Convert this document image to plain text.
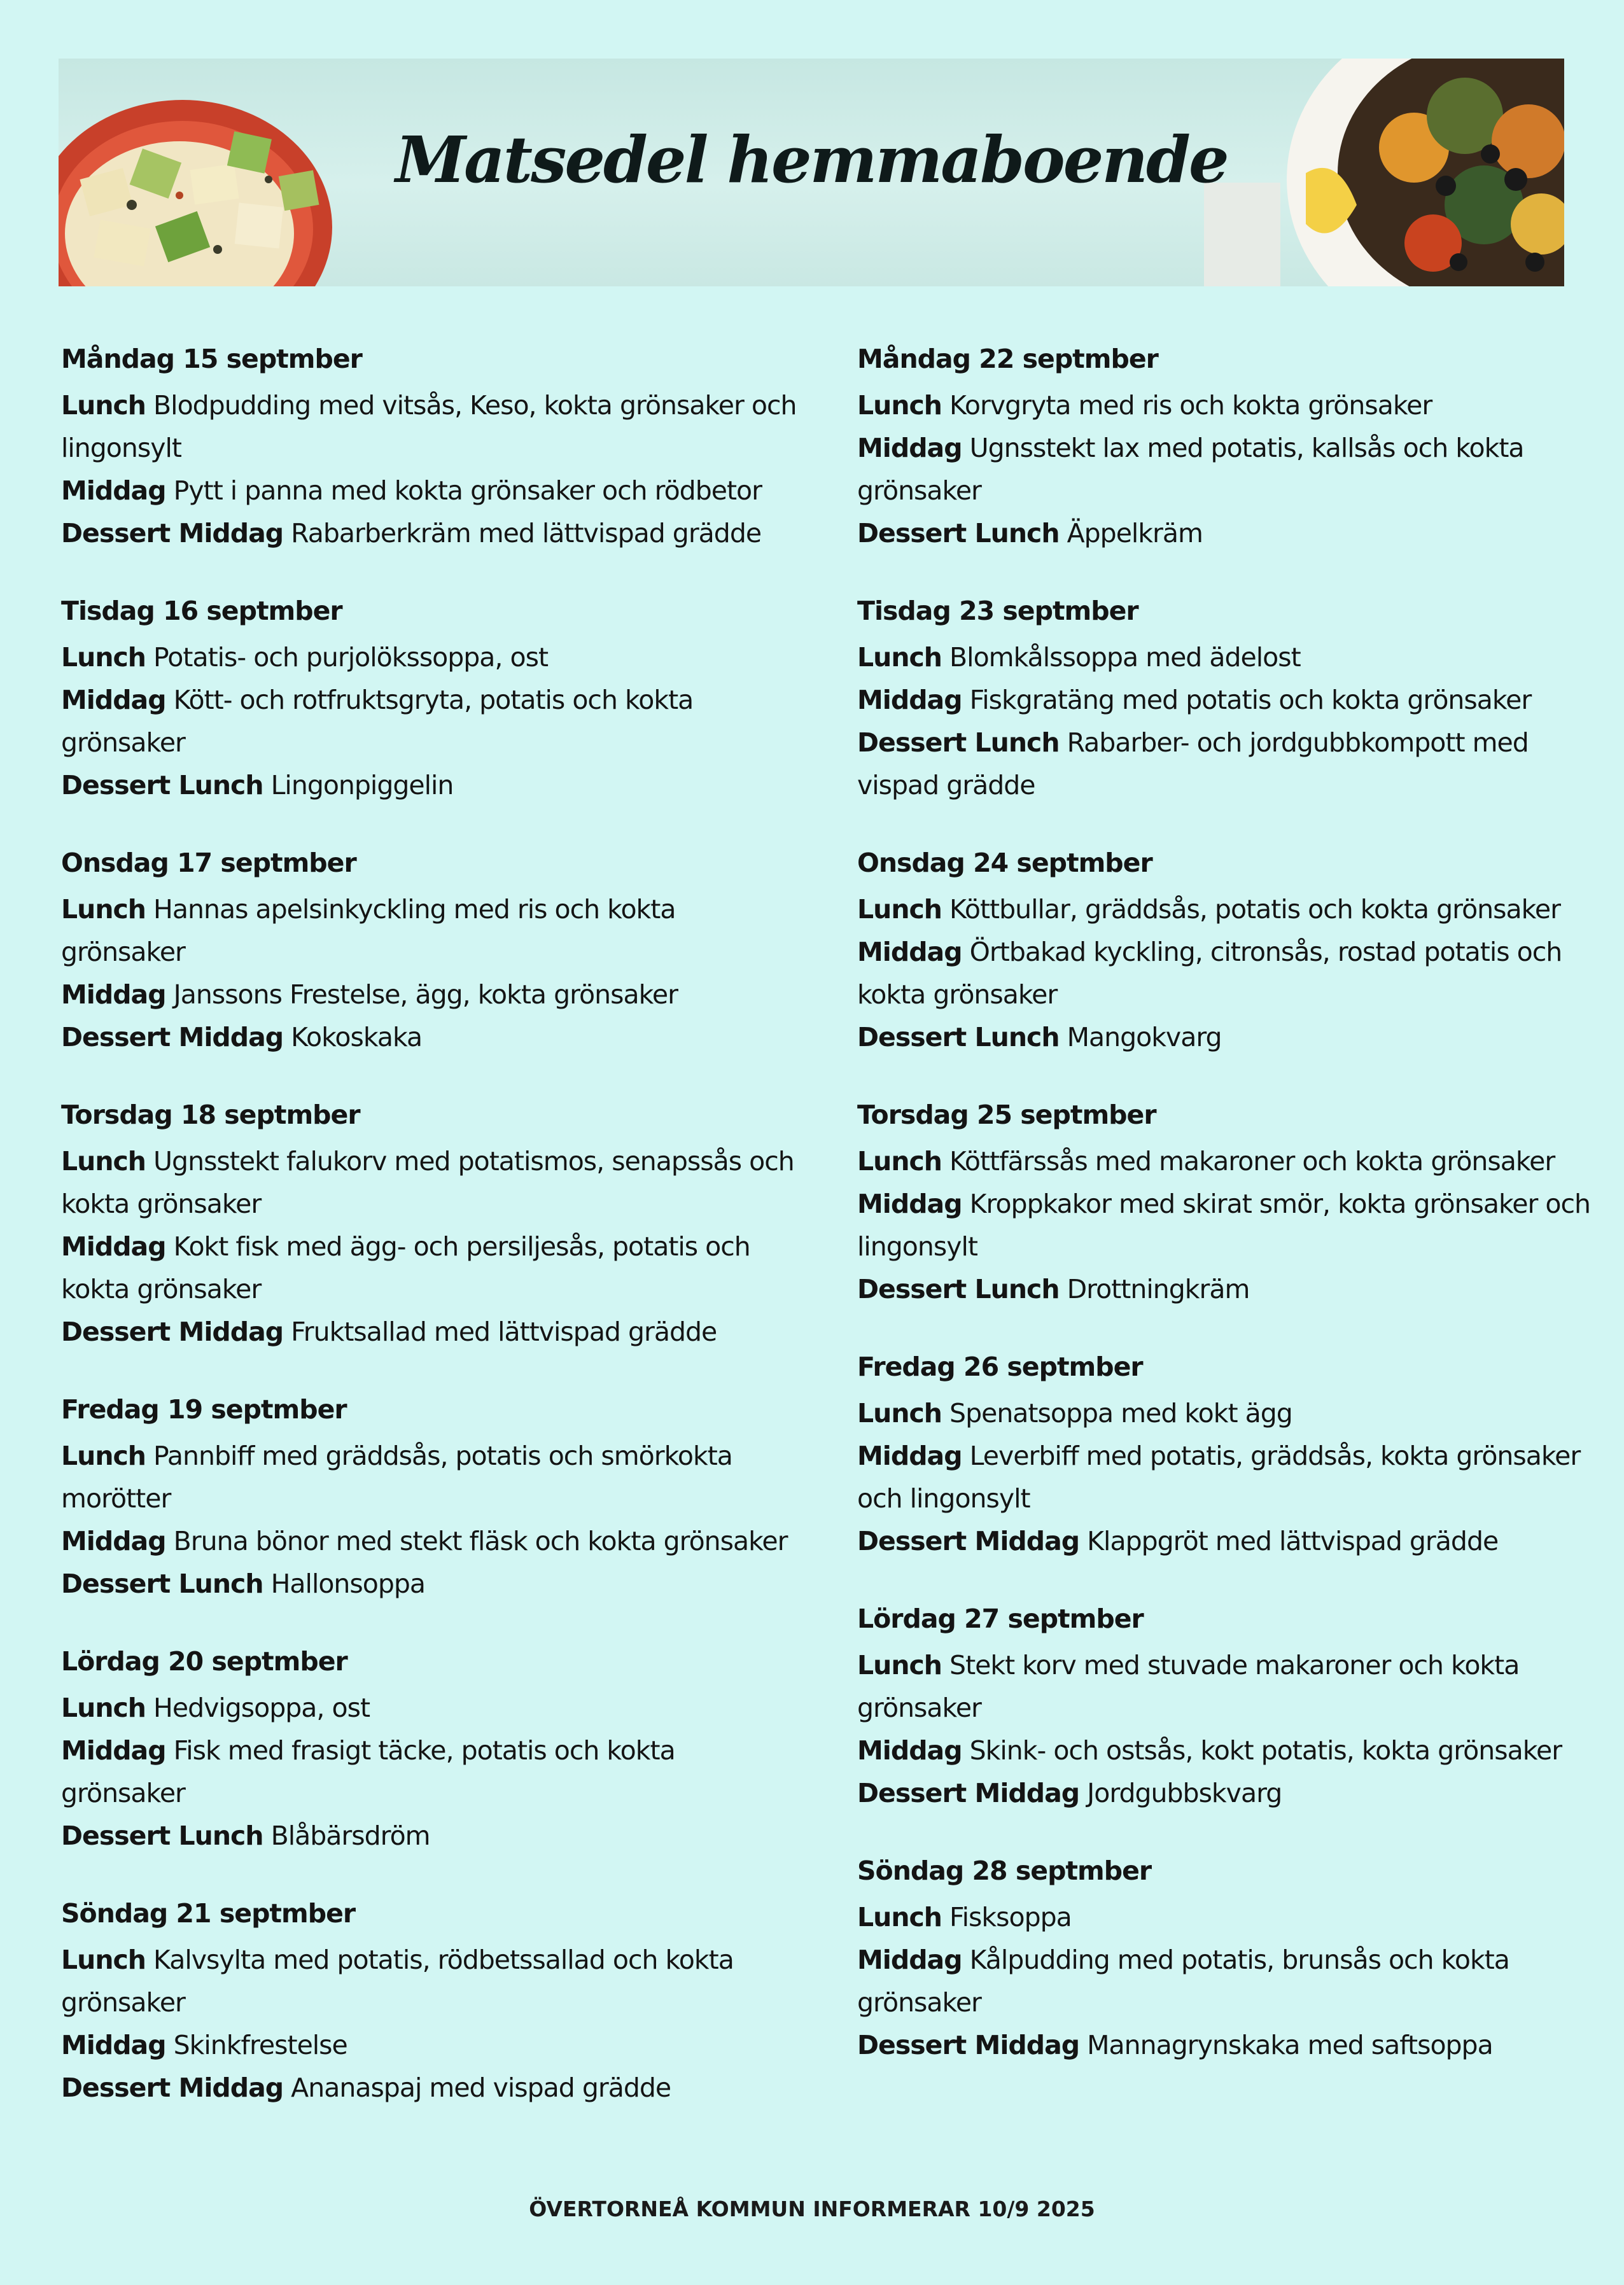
Matsedel hemmaboende
Måndag 15 septmber
Lunch Blodpudding med vitsås, Keso, kokta grönsaker och lingonsylt
Middag Pytt i panna med kokta grönsaker och rödbetor
Dessert Middag Rabarberkräm med lättvispad grädde
Tisdag 16 septmber
Lunch Potatis- och purjolökssoppa, ost
Middag Kött- och rotfruktsgryta, potatis och kokta grönsaker
Dessert Lunch Lingonpiggelin
Onsdag 17 septmber
Lunch Hannas apelsinkyckling med ris och kokta grönsaker
Middag Janssons Frestelse, ägg, kokta grönsaker
Dessert Middag Kokoskaka
Torsdag 18 septmber
Lunch Ugnsstekt falukorv med potatismos, senapssås och kokta grönsaker
Middag Kokt fisk med ägg- och persiljesås, potatis och kokta grönsaker
Dessert Middag Fruktsallad med lättvispad grädde
Fredag 19 septmber
Lunch Pannbiff med gräddsås, potatis och smörkokta morötter
Middag Bruna bönor med stekt fläsk och kokta grönsaker
Dessert Lunch Hallonsoppa
Lördag 20 septmber
Lunch Hedvigsoppa, ost
Middag Fisk med frasigt täcke, potatis och kokta grönsaker
Dessert Lunch Blåbärsdröm
Söndag 21 septmber
Lunch Kalvsylta med potatis, rödbetssallad och kokta grönsaker
Middag Skinkfrestelse
Dessert Middag Ananaspaj med vispad grädde
Måndag 22 septmber
Lunch Korvgryta med ris och kokta grönsaker
Middag Ugnsstekt lax med potatis, kallsås och kokta grönsaker
Dessert Lunch Äppelkräm
Tisdag 23 septmber
Lunch Blomkålssoppa med ädelost
Middag Fiskgratäng med potatis och kokta grönsaker
Dessert Lunch Rabarber- och jordgubbkompott med vispad grädde
Onsdag 24 septmber
Lunch Köttbullar, gräddsås, potatis och kokta grönsaker
Middag Örtbakad kyckling, citronsås, rostad potatis och kokta grönsaker
Dessert Lunch Mangokvarg
Torsdag 25 septmber
Lunch Köttfärssås med makaroner och kokta grönsaker
Middag Kroppkakor med skirat smör, kokta grönsaker och lingonsylt
Dessert Lunch Drottningkräm
Fredag 26 septmber
Lunch Spenatsoppa med kokt ägg
Middag Leverbiff med potatis, gräddsås, kokta grönsaker och lingonsylt
Dessert Middag Klappgröt med lättvispad grädde
Lördag 27 septmber
Lunch Stekt korv med stuvade makaroner och kokta grönsaker
Middag Skink- och ostsås, kokt potatis, kokta grönsaker
Dessert Middag Jordgubbskvarg
Söndag 28 septmber
Lunch Fisksoppa
Middag Kålpudding med potatis, brunsås och kokta grönsaker
Dessert Middag Mannagrynskaka med saftsoppa
ÖVERTORNEÅ KOMMUN INFORMERAR 10/9 2025
